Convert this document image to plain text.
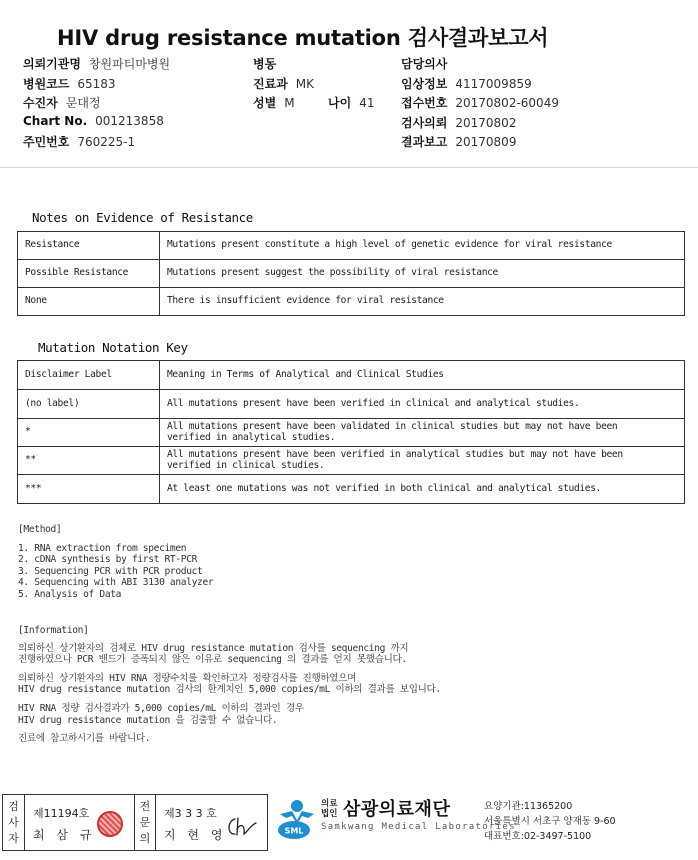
HIV drug resistance mutation 검사결과보고서
의뢰기관명 창원파티마병원	병동	담당의사
병원코드 65183	진료과 MK	임상정보 4117009859
수진자 문대정	성별 M	나이 41 접수번호 20170802-60049
Chart No. 001213858	검사의뢰 20170802
주민번호 760225-1	결과보고 20170809
Notes on Evidence of Resistance
Resistance	Mutations present constitute a high level of genetic evidence for viral resistance

Possible Resistance	Mutations present suggest the possibility of viral resistance

None	There is insufficient evidence for viral resistance
Mutation Notation Key
Disclaimer Label	Meaning in Terms of Analytical and Clinical Studies

(no label)	All mutations present have been verified in clinical and analytical studies.

*	All mutations present have been validated in clinical studies but may not have been
verified in analytical studies.

**	All mutations present have been verified in analytical studies but may not have been
verified in clinical studies.

***	At least one mutations was not verified in both clinical and analytical studies.

[Method]

1. RNA extraction from specimen

2. cDNA synthesis by first RT-PCR

3. Sequencing PCR with PCR product

4. Sequencing with ABI 3130 analyzer

5. Analysis of Data

[Information]

의뢰하신 상기환자의 검체로 HIV drug resistance mutation 검사를 sequencing 까지

진행하였으나 PCR 밴드가 증폭되지 않은 이유로 sequencing 의 결과를 얻지 못했습니다.

의뢰하신 상기환자의 HIV RNA 정량수치를 확인하고자 정량검사를 진행하였으며

HIV drug resistance mutation 검사의 한계치인 5,000 copies/mL 이하의 결과를 보입니다.

HIV RNA 정량 검사결과가 5,000 copies/mL 이하의 결과인 경우

HIV drug resistance mutation 을 검출할 수 없습니다.

진료에 참고하시기를 바랍니다.

검
사
자
제11194호
최 삼 규
전
문
의
제3 3 3 호
지 현 영	SML
의료
법인 삼광의료재단
Samkwang Medical Laboratories
요양기관:11365200
서울특별시 서초구 양재동 9-60
대표번호:02-3497-5100
